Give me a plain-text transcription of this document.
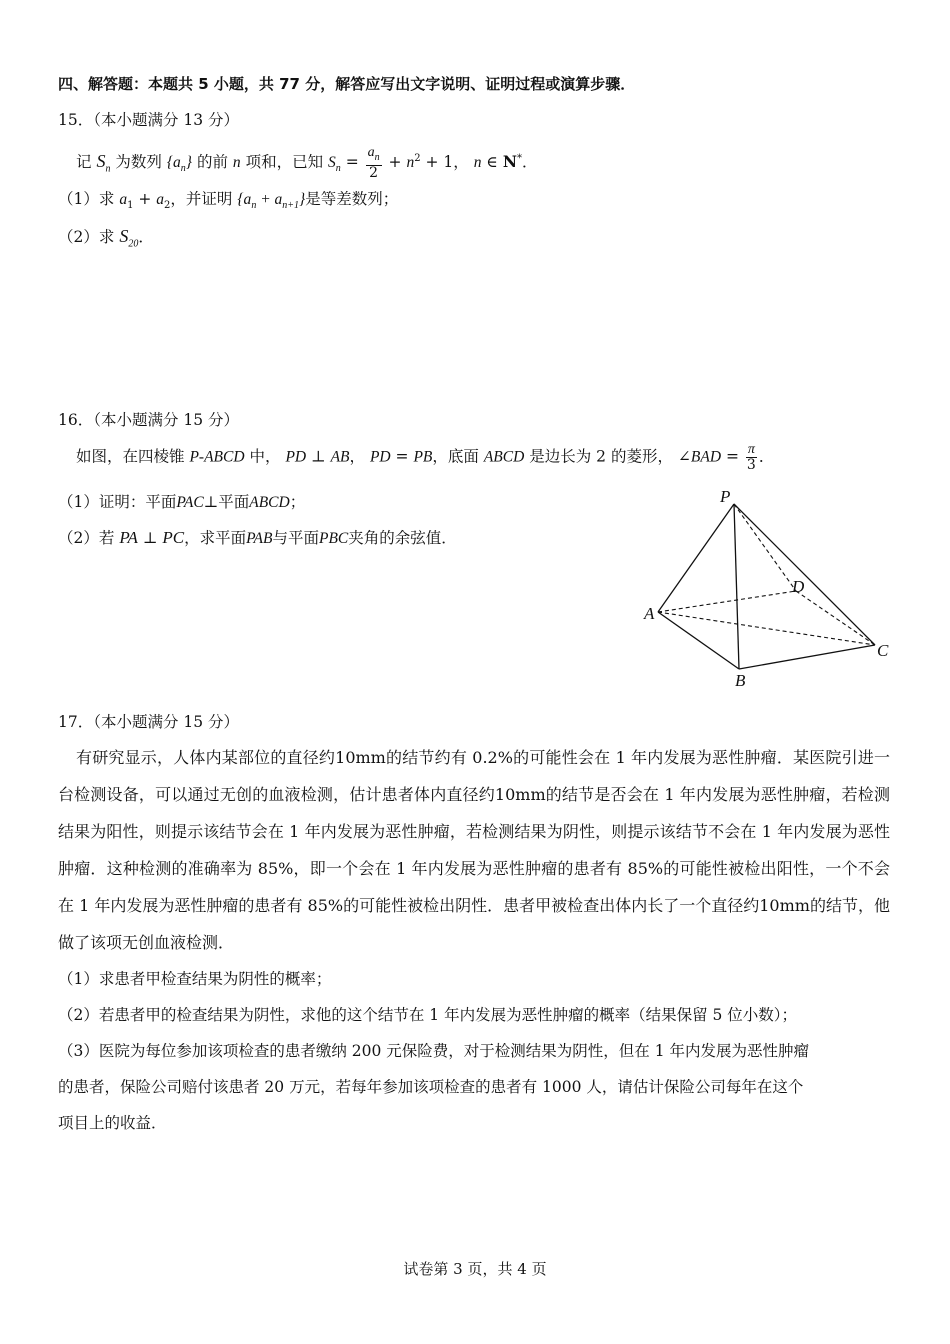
四、解答题：本题共 5 小题，共 77 分，解答应写出文字说明、证明过程或演算步骤．
15．（本小题满分 13 分）
记 $S_n$ 为数列 $\{a_n\}$ 的前 n 项和，已知 $S_n = \frac{a_n}{2} + n^2 + 1$， n ∈ N*．
（1）求 $a_1 + a_2$，并证明 $\{a_n + a_{n+1}\}$是等差数列；
（2）求 $S_{20}$．
16．（本小题满分 15 分）
如图，在四棱锥 P-ABCD 中， PD ⊥ AB， PD = PB，底面 ABCD 是边长为 2 的菱形， ∠BAD = $\frac{\pi}{3}$ ．
（1）证明：平面PAC⊥平面ABCD；
（2）若 PA ⊥ PC，求平面PAB与平面PBC夹角的余弦值．
P
A
B
C
D
17．（本小题满分 15 分）
有研究显示，人体内某部位的直径约10mm的结节约有 0.2%的可能性会在 1 年内发展为恶性肿瘤．某医院引进一台检测设备，可以通过无创的血液检测，估计患者体内直径约10mm的结节是否会在 1 年内发展为恶性肿瘤，若检测结果为阳性，则提示该结节会在 1 年内发展为恶性肿瘤，若检测结果为阴性，则提示该结节不会在 1 年内发展为恶性肿瘤．这种检测的准确率为 85%，即一个会在 1 年内发展为恶性肿瘤的患者有 85%的可能性被检出阳性，一个不会在 1 年内发展为恶性肿瘤的患者有 85%的可能性被检出阴性．患者甲被检查出体内长了一个直径约10mm的结节，他做了该项无创血液检测．
（1）求患者甲检查结果为阴性的概率；
（2）若患者甲的检查结果为阴性，求他的这个结节在 1 年内发展为恶性肿瘤的概率（结果保留 5 位小数）；
（3）医院为每位参加该项检查的患者缴纳 200 元保险费，对于检测结果为阴性，但在 1 年内发展为恶性肿瘤
的患者，保险公司赔付该患者 20 万元，若每年参加该项检查的患者有 1000 人，请估计保险公司每年在这个
项目上的收益．
试卷第 3 页，共 4 页
